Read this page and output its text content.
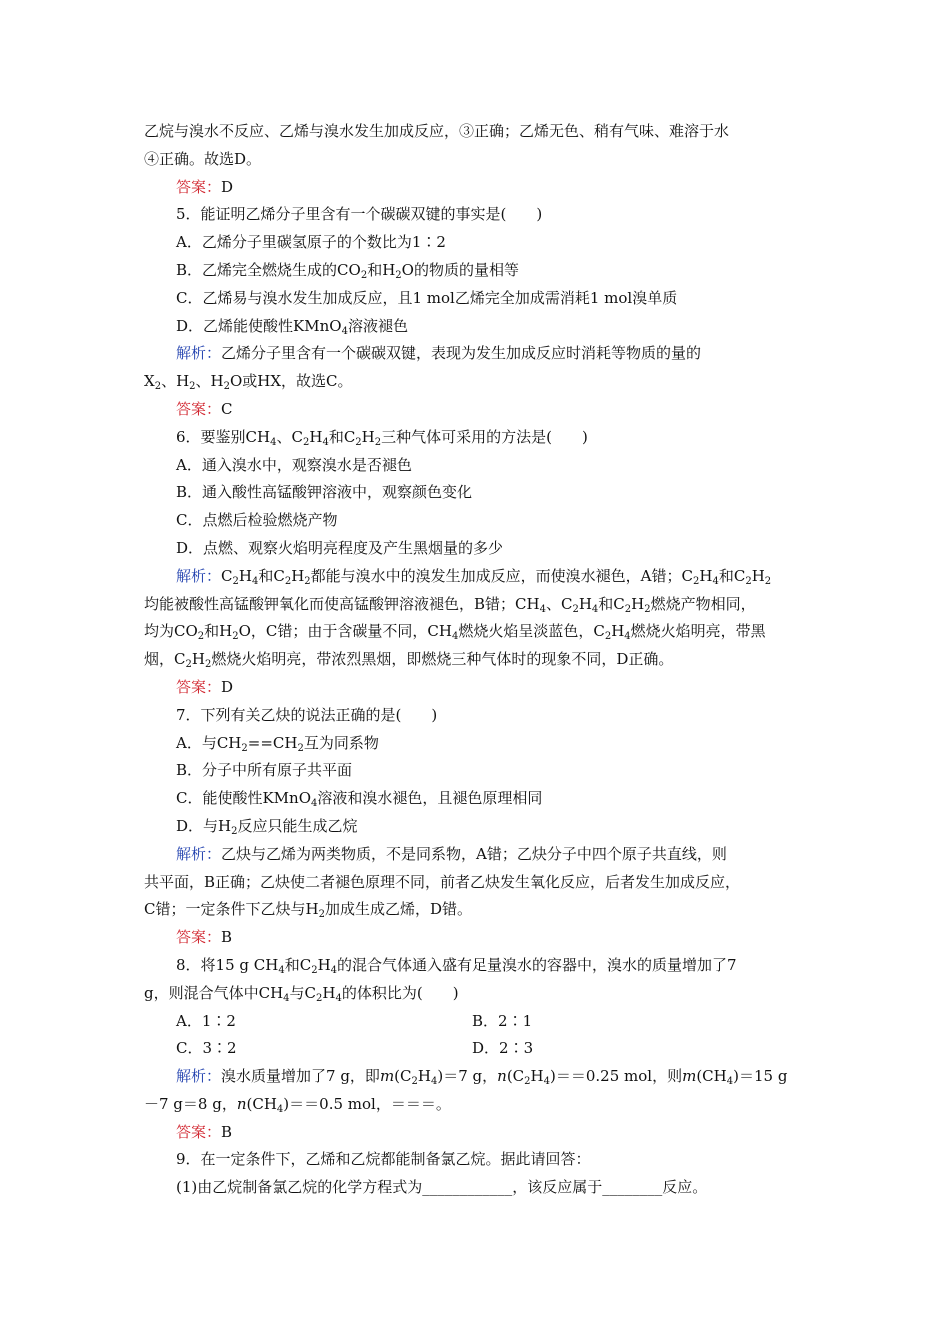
乙烷与溴水不反应、乙烯与溴水发生加成反应，③正确；乙烯无色、稍有气味、难溶于水
④正确。故选D。
答案：D
5．能证明乙烯分子里含有一个碳碳双键的事实是(　　)
A．乙烯分子里碳氢原子的个数比为1∶2
B．乙烯完全燃烧生成的$CO_2$和$H_2O$的物质的量相等
C．乙烯易与溴水发生加成反应，且1 mol乙烯完全加成需消耗1 mol溴单质
D．乙烯能使酸性KMnO$_4$溶液褪色
解析：乙烯分子里含有一个碳碳双键，表现为发生加成反应时消耗等物质的量的
$X_2$、$H_2$、$H_2O$或HX，故选C。
答案：C
6．要鉴别$CH_4$、$C_2H_4$和$C_2H_2$三种气体可采用的方法是(　　)
A．通入溴水中，观察溴水是否褪色
B．通入酸性高锰酸钾溶液中，观察颜色变化
C．点燃后检验燃烧产物
D．点燃、观察火焰明亮程度及产生黑烟量的多少
解析：$C_2H_4$和$C_2H_2$都能与溴水中的溴发生加成反应，而使溴水褪色，A错；$C_2H_4$和$C_2H_2$
均能被酸性高锰酸钾氧化而使高锰酸钾溶液褪色，B错；$CH_4$、$C_2H_4$和$C_2H_2$燃烧产物相同，
均为$CO_2$和$H_2O$，C错；由于含碳量不同，$CH_4$燃烧火焰呈淡蓝色，$C_2H_4$燃烧火焰明亮，带黑
烟，$C_2H_2$燃烧火焰明亮，带浓烈黑烟，即燃烧三种气体时的现象不同，D正确。
答案：D
7．下列有关乙炔的说法正确的是(　　)
A．与$CH_2==CH_2$互为同系物
B．分子中所有原子共平面
C．能使酸性KMnO$_4$溶液和溴水褪色，且褪色原理相同
D．与$H_2$反应只能生成乙烷
解析：乙炔与乙烯为两类物质，不是同系物，A错；乙炔分子中四个原子共直线，则
共平面，B正确；乙炔使二者褪色原理不同，前者乙炔发生氧化反应，后者发生加成反应，
C错；一定条件下乙炔与$H_2$加成生成乙烯，D错。
答案：B
8．将15 g $CH_4$和$C_2H_4$的混合气体通入盛有足量溴水的容器中，溴水的质量增加了7
g，则混合气体中$CH_4$与$C_2H_4$的体积比为(　　)
A．1∶2	B．2∶1
C．3∶2	D．2∶3
解析：溴水质量增加了7 g，即$m(C_2H_4)=7$ g，$n(C_2H_4)==0.25$ mol，则$m(CH_4)=15$ g
－7 g＝8 g，$n(CH_4)==0.5$ mol，＝＝＝。
答案：B
9．在一定条件下，乙烯和乙烷都能制备氯乙烷。据此请回答：
(1)由乙烷制备氯乙烷的化学方程式为____________，该反应属于________反应。
